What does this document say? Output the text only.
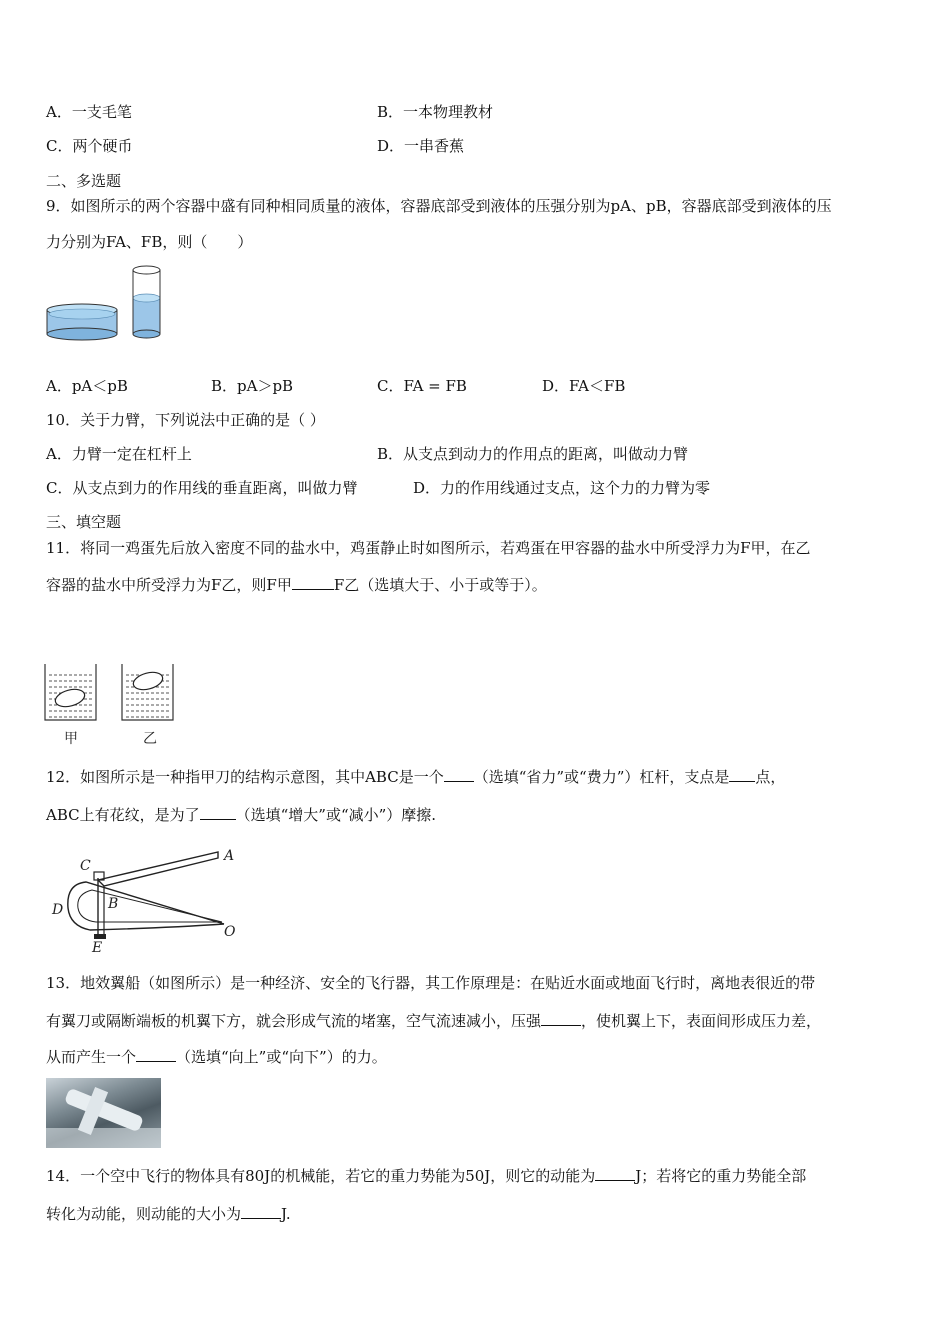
A．一支毛笔	B．一本物理教材
C．两个硬币	D．一串香蕉
二、多选题
9．如图所示的两个容器中盛有同种相同质量的液体，容器底部受到液体的压强分别为pA、pB，容器底部受到液体的压
力分别为FA、FB，则（　　）
A．pA＜pB	B．pA＞pB	C．FA = FB	D．FA＜FB
10．关于力臂，下列说法中正确的是（ ）
A．力臂一定在杠杆上	B．从支点到动力的作用点的距离，叫做动力臂
C．从支点到力的作用线的垂直距离，叫做力臂	D．力的作用线通过支点，这个力的力臂为零
三、填空题
11．将同一鸡蛋先后放入密度不同的盐水中，鸡蛋静止时如图所示，若鸡蛋在甲容器的盐水中所受浮力为F甲，在乙
容器的盐水中所受浮力为F乙，则F甲	F乙（选填大于、小于或等于）。
甲	乙
12．如图所示是一种指甲刀的结构示意图，其中ABC是一个 （选填“省力”或“费力”）杠杆，支点是 点，
ABC上有花纹，是为了 （选填“增大”或“减小”）摩擦.
C
A
D	B
E
O
13．地效翼船（如图所示）是一种经济、安全的飞行器，其工作原理是：在贴近水面或地面飞行时，离地表很近的带
有翼刀或隔断端板的机翼下方，就会形成气流的堵塞，空气流速减小，压强	，使机翼上下，表面间形成压力差，
从而产生一个	（选填“向上”或“向下”）的力。
14．一个空中飞行的物体具有80J的机械能，若它的重力势能为50J，则它的动能为	J；若将它的重力势能全部
转化为动能，则动能的大小为	J.
